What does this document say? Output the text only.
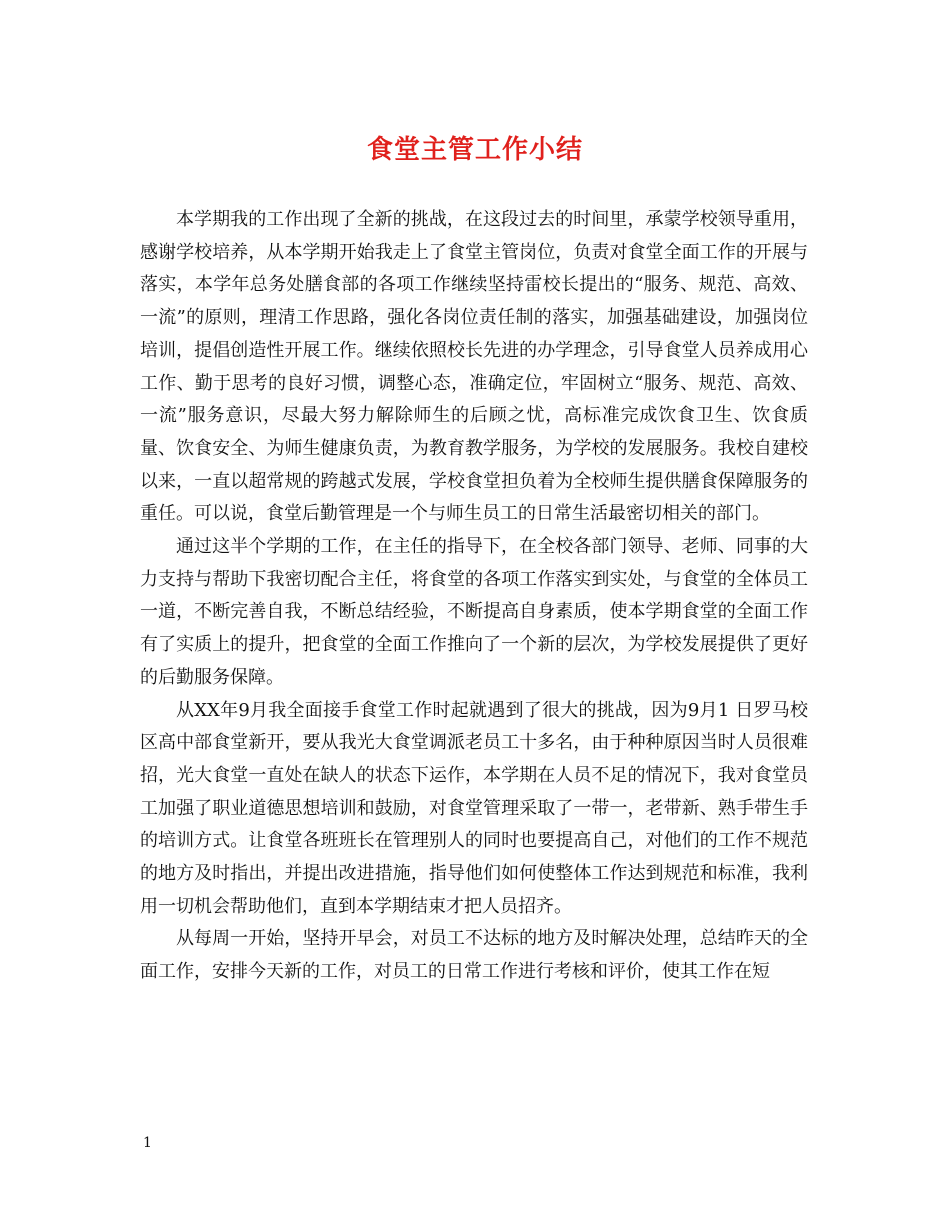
食堂主管工作小结

本学期我的工作出现了全新的挑战，在这段过去的时间里，承蒙学校领导重用，感谢学校培养，从本学期开始我走上了食堂主管岗位，负责对食堂全面工作的开展与落实，本学年总务处膳食部的各项工作继续坚持雷校长提出的“服务、规范、高效、一流”的原则，理清工作思路，强化各岗位责任制的落实，加强基础建设，加强岗位培训，提倡创造性开展工作。继续依照校长先进的办学理念，引导食堂人员养成用心工作、勤于思考的良好习惯，调整心态，准确定位，牢固树立“服务、规范、高效、一流”服务意识，尽最大努力解除师生的后顾之忧，高标准完成饮食卫生、饮食质量、饮食安全、为师生健康负责，为教育教学服务，为学校的发展服务。我校自建校以来，一直以超常规的跨越式发展，学校食堂担负着为全校师生提供膳食保障服务的重任。可以说，食堂后勤管理是一个与师生员工的日常生活最密切相关的部门。

通过这半个学期的工作，在主任的指导下，在全校各部门领导、老师、同事的大力支持与帮助下我密切配合主任，将食堂的各项工作落实到实处，与食堂的全体员工一道，不断完善自我，不断总结经验，不断提高自身素质，使本学期食堂的全面工作有了实质上的提升，把食堂的全面工作推向了一个新的层次，为学校发展提供了更好的后勤服务保障。

从XX年9月我全面接手食堂工作时起就遇到了很大的挑战，因为9月1 日罗马校区高中部食堂新开，要从我光大食堂调派老员工十多名，由于种种原因当时人员很难招，光大食堂一直处在缺人的状态下运作，本学期在人员不足的情况下，我对食堂员工加强了职业道德思想培训和鼓励，对食堂管理采取了一带一，老带新、熟手带生手的培训方式。让食堂各班班长在管理别人的同时也要提高自己，对他们的工作不规范的地方及时指出，并提出改进措施，指导他们如何使整体工作达到规范和标准，我利用一切机会帮助他们，直到本学期结束才把人员招齐。

从每周一开始，坚持开早会，对员工不达标的地方及时解决处理，总结昨天的全面工作，安排今天新的工作，对员工的日常工作进行考核和评价，使其工作在短

1
